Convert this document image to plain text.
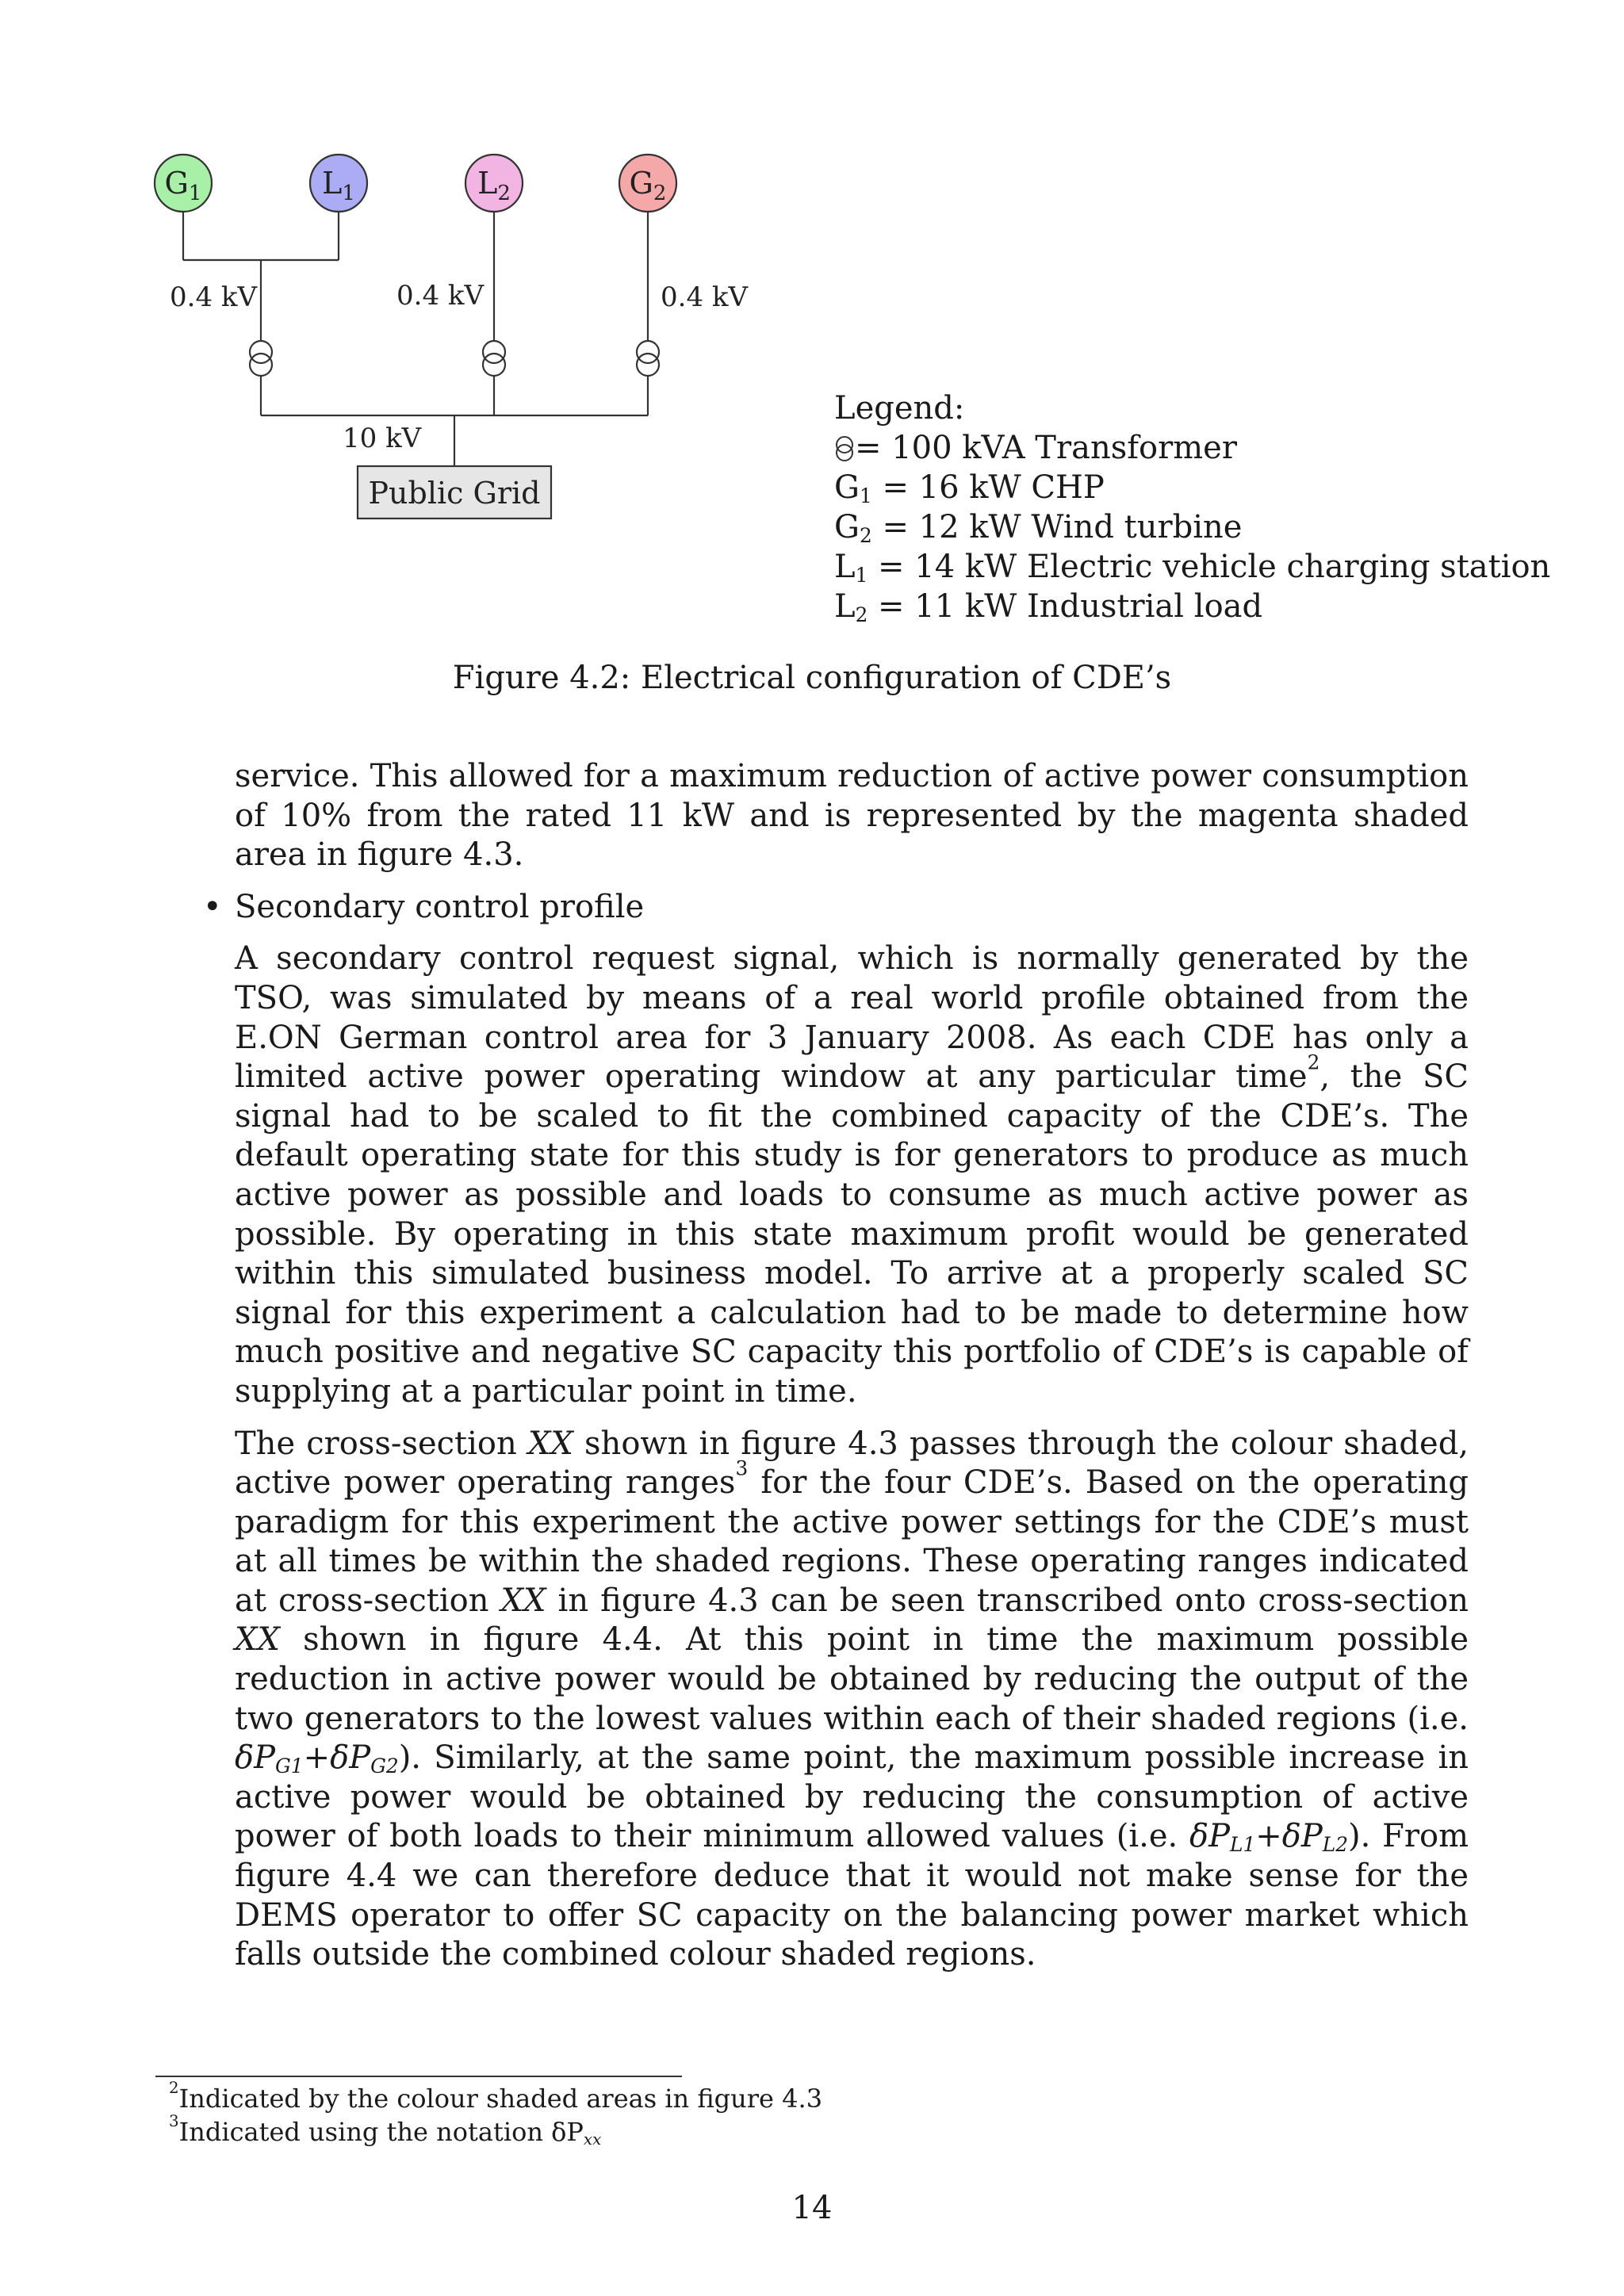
$G_1$	$L_1$	$L_2$	$G_2$
0.4 kV	0.4 kV	0.4 kV
10 kV
Public Grid
Legend:
= 100 kVA Transformer
$G_1 = 16$ kW CHP
$G_2 = 12$ kW Wind turbine
$L_1 = 14$ kW Electric vehicle charging station
$L_2 = 11$ kW Industrial load
Figure 4.2: Electrical configuration of CDE’s

service. This allowed for a maximum reduction of active power consumption of 10% from the rated 11 kW and is represented by the magenta shaded area in figure 4.3.

• Secondary control profile

A secondary control request signal, which is normally generated by the TSO, was simulated by means of a real world profile obtained from the E.ON German control area for 3 January 2008. As each CDE has only a limited active power operating window at any particular time$^2$, the SC signal had to be scaled to fit the combined capacity of the CDE’s. The default operating state for this study is for generators to produce as much active power as possible and loads to consume as much active power as possible. By operating in this state maximum profit would be generated within this simulated business model. To arrive at a properly scaled SC signal for this experiment a calculation had to be made to determine how much positive and negative SC capacity this portfolio of CDE’s is capable of supplying at a particular point in time.

The cross-section XX shown in figure 4.3 passes through the colour shaded, active power operating ranges$^3$ for the four CDE’s. Based on the operating paradigm for this experiment the active power settings for the CDE’s must at all times be within the shaded regions. These operating ranges indicated at cross-section XX in figure 4.3 can be seen transcribed onto cross-section XX shown in figure 4.4. At this point in time the maximum possible reduction in active power would be obtained by reducing the output of the two generators to the lowest values within each of their shaded regions (i.e. $\delta P_{G1}+\delta P_{G2}$). Similarly, at the same point, the maximum possible increase in active power would be obtained by reducing the consumption of active power of both loads to their minimum allowed values (i.e. $\delta P_{L1}+\delta P_{L2}$). From figure 4.4 we can therefore deduce that it would not make sense for the DEMS operator to offer SC capacity on the balancing power market which falls outside the combined colour shaded regions.

$^2$Indicated by the colour shaded areas in figure 4.3
$^3$Indicated using the notation $\delta P_{xx}$
14
